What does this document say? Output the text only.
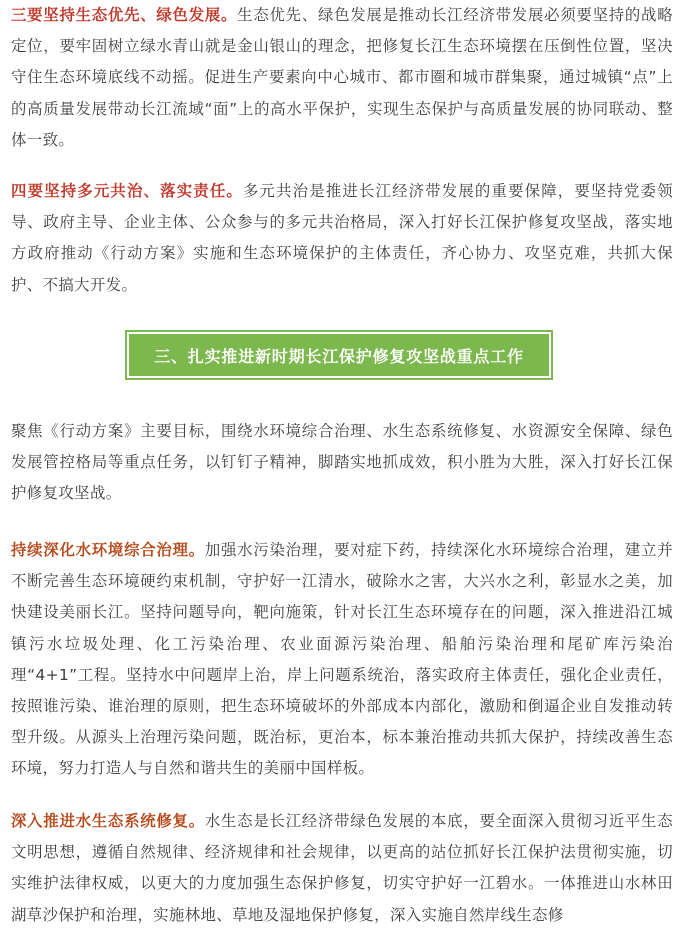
三要坚持生态优先、绿色发展。生态优先、绿色发展是推动长江经济带发展必须要坚持的战略定位，要牢固树立绿水青山就是金山银山的理念，把修复长江生态环境摆在压倒性位置，坚决守住生态环境底线不动摇。促进生产要素向中心城市、都市圈和城市群集聚，通过城镇“点”上的高质量发展带动长江流域“面”上的高水平保护，实现生态保护与高质量发展的协同联动、整体一致。

四要坚持多元共治、落实责任。多元共治是推进长江经济带发展的重要保障，要坚持党委领导、政府主导、企业主体、公众参与的多元共治格局，深入打好长江保护修复攻坚战，落实地方政府推动《行动方案》实施和生态环境保护的主体责任，齐心协力、攻坚克难，共抓大保护、不搞大开发。

三、扎实推进新时期长江保护修复攻坚战重点工作

聚焦《行动方案》主要目标，围绕水环境综合治理、水生态系统修复、水资源安全保障、绿色发展管控格局等重点任务，以钉钉子精神，脚踏实地抓成效，积小胜为大胜，深入打好长江保护修复攻坚战。

持续深化水环境综合治理。加强水污染治理，要对症下药，持续深化水环境综合治理，建立并不断完善生态环境硬约束机制，守护好一江清水，破除水之害，大兴水之利，彰显水之美，加快建设美丽长江。坚持问题导向，靶向施策，针对长江生态环境存在的问题，深入推进沿江城镇污水垃圾处理、化工污染治理、农业面源污染治理、船舶污染治理和尾矿库污染治理“4+1”工程。坚持水中问题岸上治，岸上问题系统治，落实政府主体责任，强化企业责任，按照谁污染、谁治理的原则，把生态环境破坏的外部成本内部化，激励和倒逼企业自发推动转型升级。从源头上治理污染问题，既治标，更治本，标本兼治推动共抓大保护，持续改善生态环境，努力打造人与自然和谐共生的美丽中国样板。

深入推进水生态系统修复。水生态是长江经济带绿色发展的本底，要全面深入贯彻习近平生态文明思想，遵循自然规律、经济规律和社会规律，以更高的站位抓好长江保护法贯彻实施，切实维护法律权威，以更大的力度加强生态保护修复，切实守护好一江碧水。一体推进山水林田湖草沙保护和治理，实施林地、草地及湿地保护修复，深入实施自然岸线生态修
